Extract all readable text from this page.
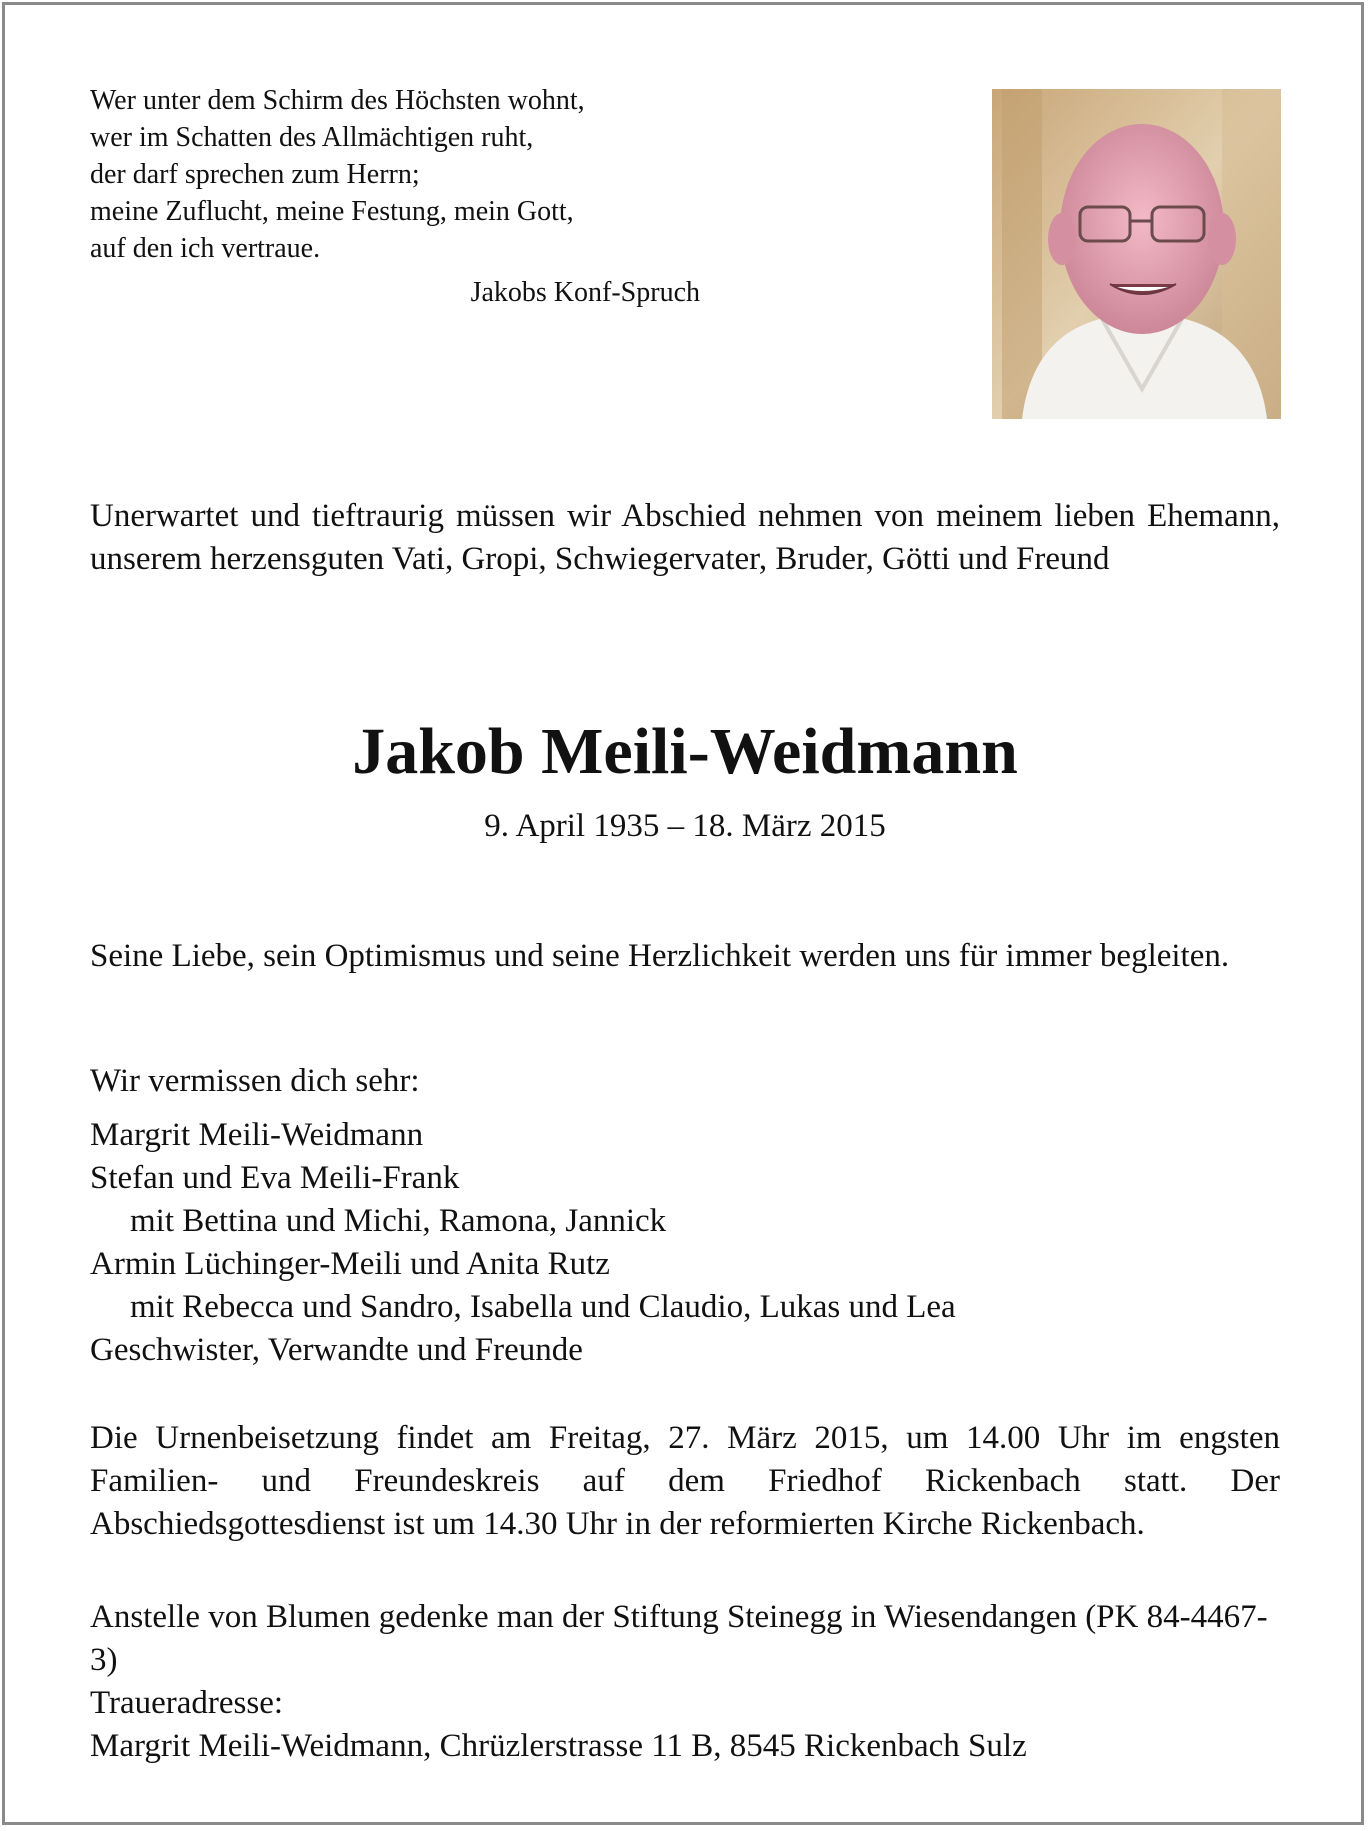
Wer unter dem Schirm des Höchsten wohnt,
wer im Schatten des Allmächtigen ruht,
der darf sprechen zum Herrn;
meine Zuflucht, meine Festung, mein Gott,
auf den ich vertraue.
Jakobs Konf-Spruch
Unerwartet und tieftraurig müssen wir Abschied nehmen von meinem lieben Ehemann, unserem herzensguten Vati, Gropi, Schwiegervater, Bruder, Götti und Freund
Jakob Meili-Weidmann
9. April 1935 – 18. März 2015
Seine Liebe, sein Optimismus und seine Herzlichkeit werden uns für immer begleiten.
Wir vermissen dich sehr:
Margrit Meili-Weidmann
Stefan und Eva Meili-Frank
mit Bettina und Michi, Ramona, Jannick
Armin Lüchinger-Meili und Anita Rutz
mit Rebecca und Sandro, Isabella und Claudio, Lukas und Lea
Geschwister, Verwandte und Freunde
Die Urnenbeisetzung findet am Freitag, 27. März 2015, um 14.00 Uhr im engsten Familien- und Freundeskreis auf dem Friedhof Rickenbach statt. Der Abschiedsgottesdienst ist um 14.30 Uhr in der reformierten Kirche Rickenbach.
Anstelle von Blumen gedenke man der Stiftung Steinegg in Wiesendangen (PK 84-4467-3)
Traueradresse:
Margrit Meili-Weidmann, Chrüzlerstrasse 11 B, 8545 Rickenbach Sulz
